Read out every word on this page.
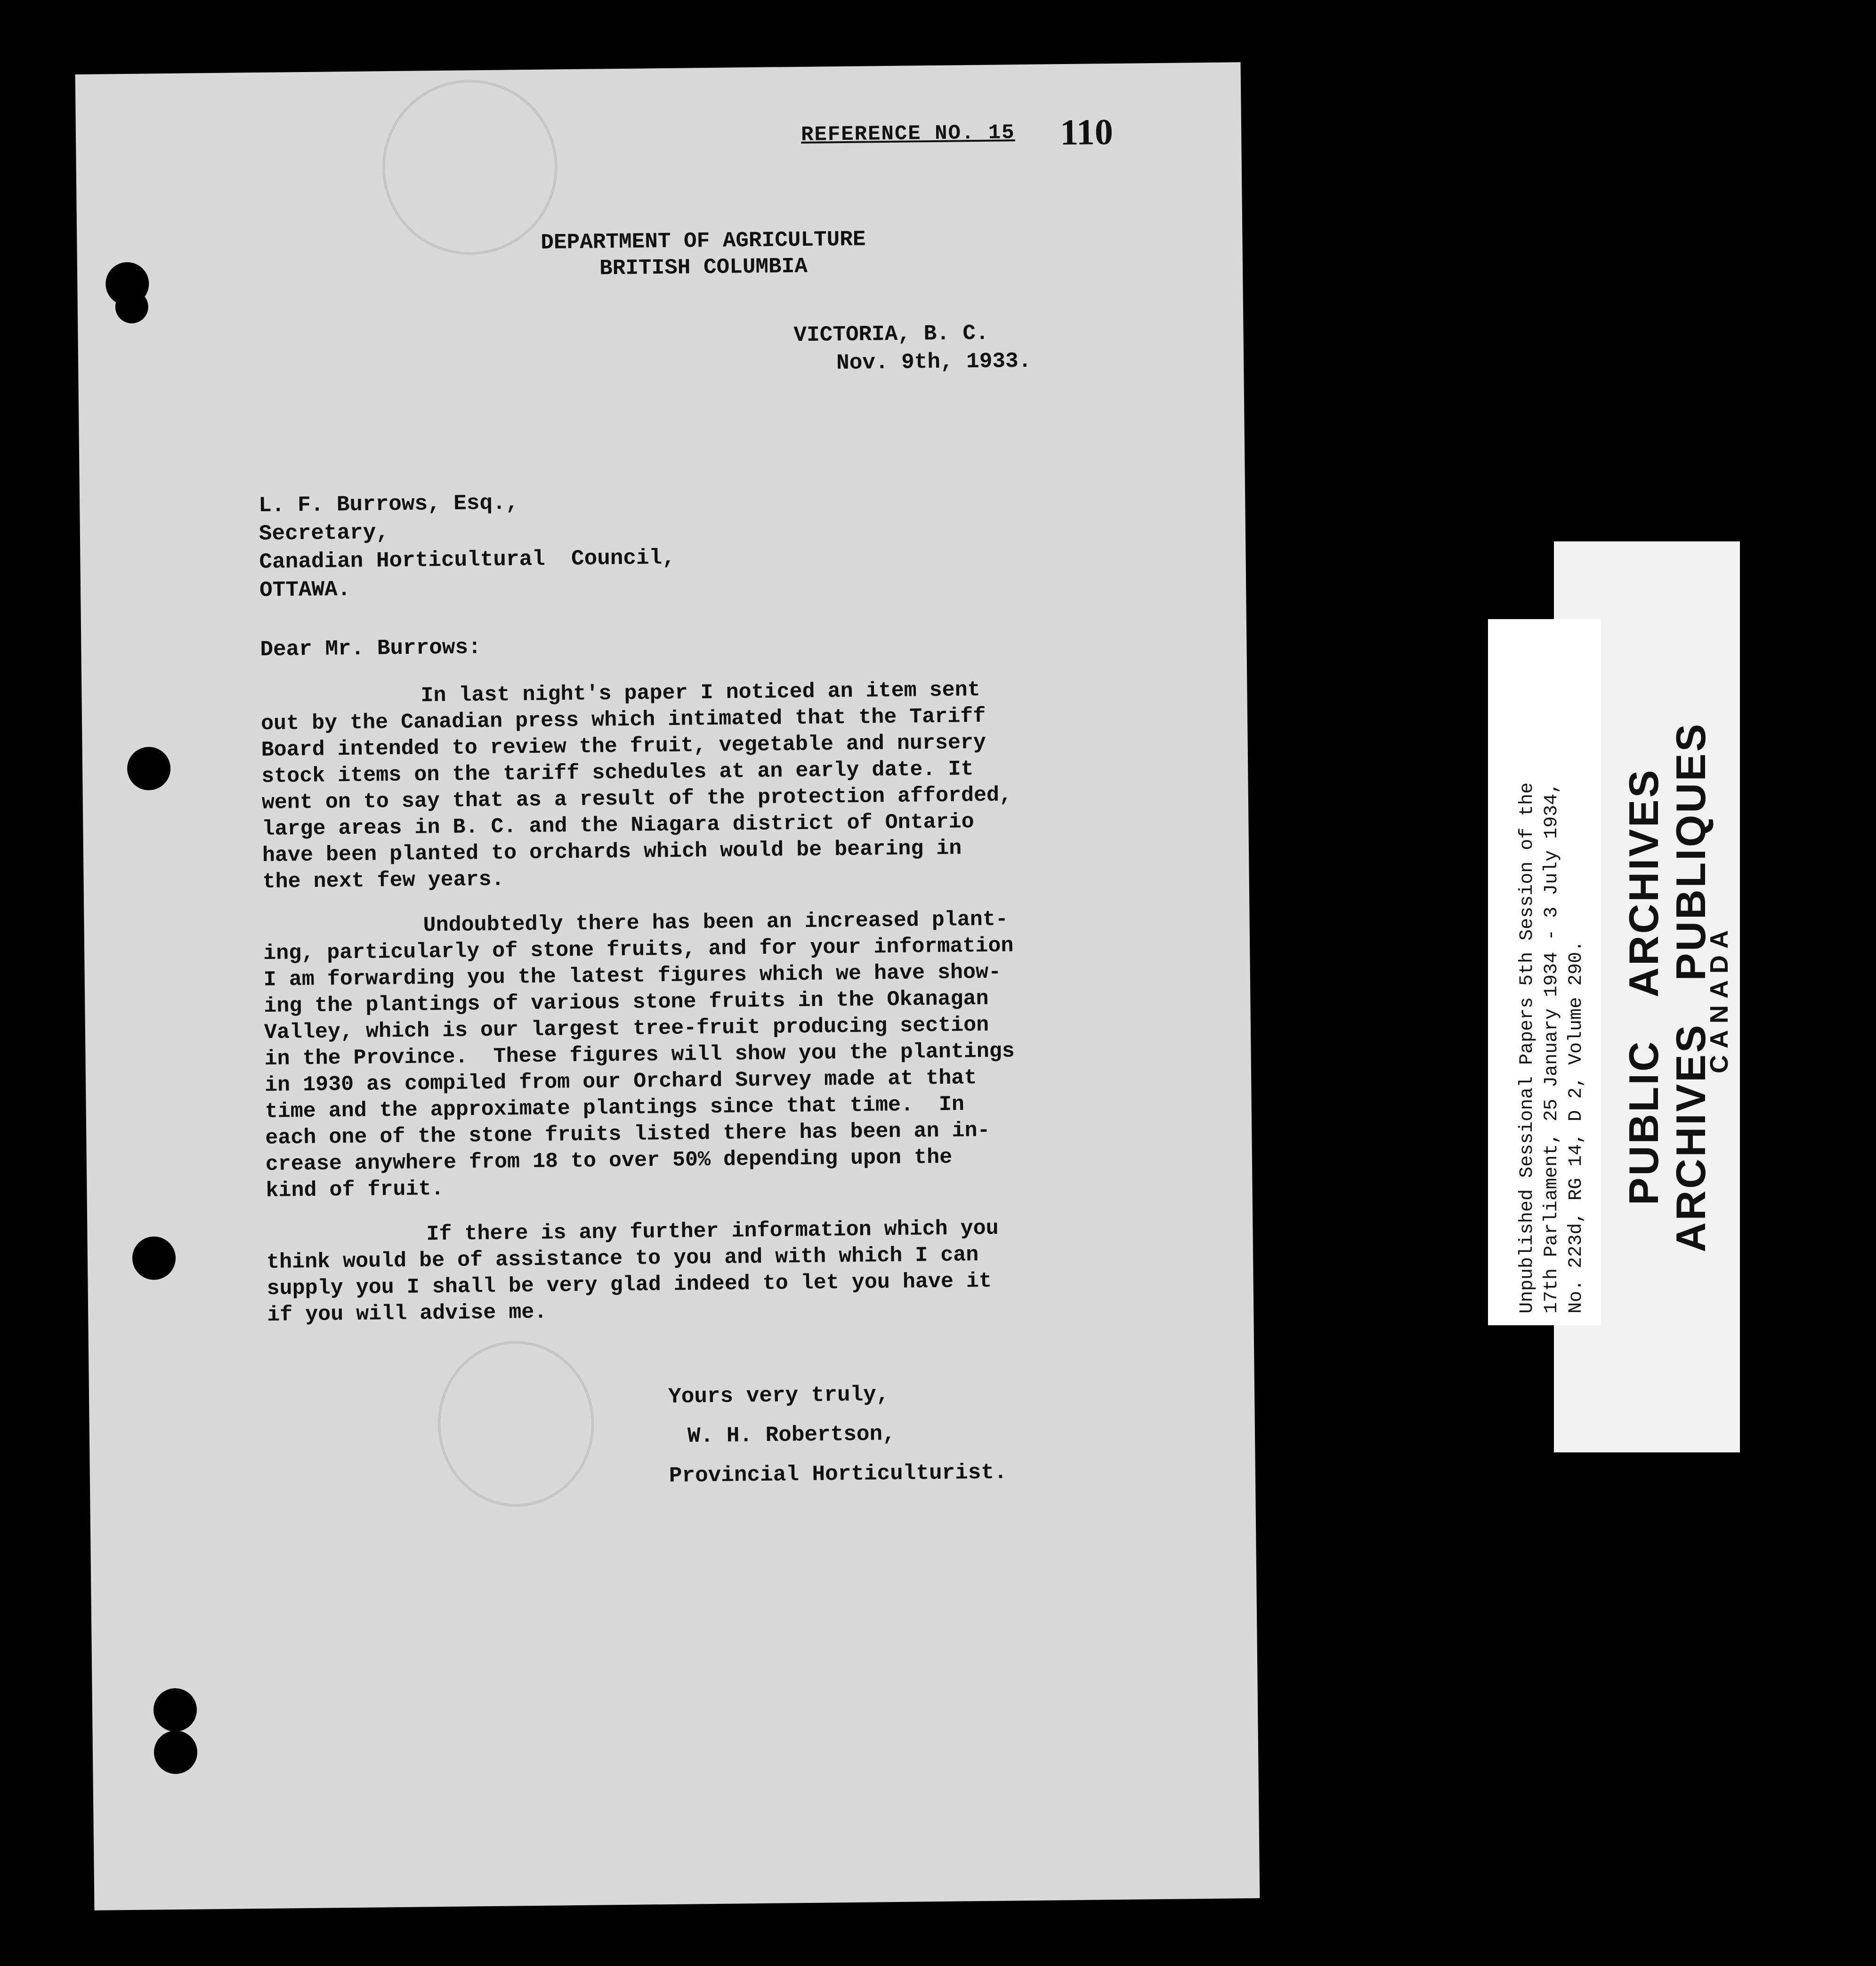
REFERENCE NO. 15 110
DEPARTMENT OF AGRICULTURE
BRITISH COLUMBIA
VICTORIA, B. C.
Nov. 9th, 1933.
L. F. Burrows, Esq.,
Secretary,
Canadian Horticultural  Council,
OTTAWA.
Dear Mr. Burrows:
In last night's paper I noticed an item sent
out by the Canadian press which intimated that the Tariff
Board intended to review the fruit, vegetable and nursery
stock items on the tariff schedules at an early date. It
went on to say that as a result of the protection afforded,
large areas in B. C. and the Niagara district of Ontario
have been planted to orchards which would be bearing in
the next few years.
Undoubtedly there has been an increased plant-
ing, particularly of stone fruits, and for your information
I am forwarding you the latest figures which we have show-
ing the plantings of various stone fruits in the Okanagan
Valley, which is our largest tree-fruit producing section
in the Province.  These figures will show you the plantings
in 1930 as compiled from our Orchard Survey made at that
time and the approximate plantings since that time.  In
each one of the stone fruits listed there has been an in-
crease anywhere from 18 to over 50% depending upon the
kind of fruit.
If there is any further information which you
think would be of assistance to you and with which I can
supply you I shall be very glad indeed to let you have it
if you will advise me.
Yours very truly,
W. H. Robertson,
Provincial Horticulturist.
Unpublished Sessional Papers 5th Session of the 17th Parliament, 25 January 1934 - 3 July 1934, No. 223d, RG 14, D 2, Volume 290. PUBLICARCHIVES
ARCHIVESPUBLIQUES
CANADA
